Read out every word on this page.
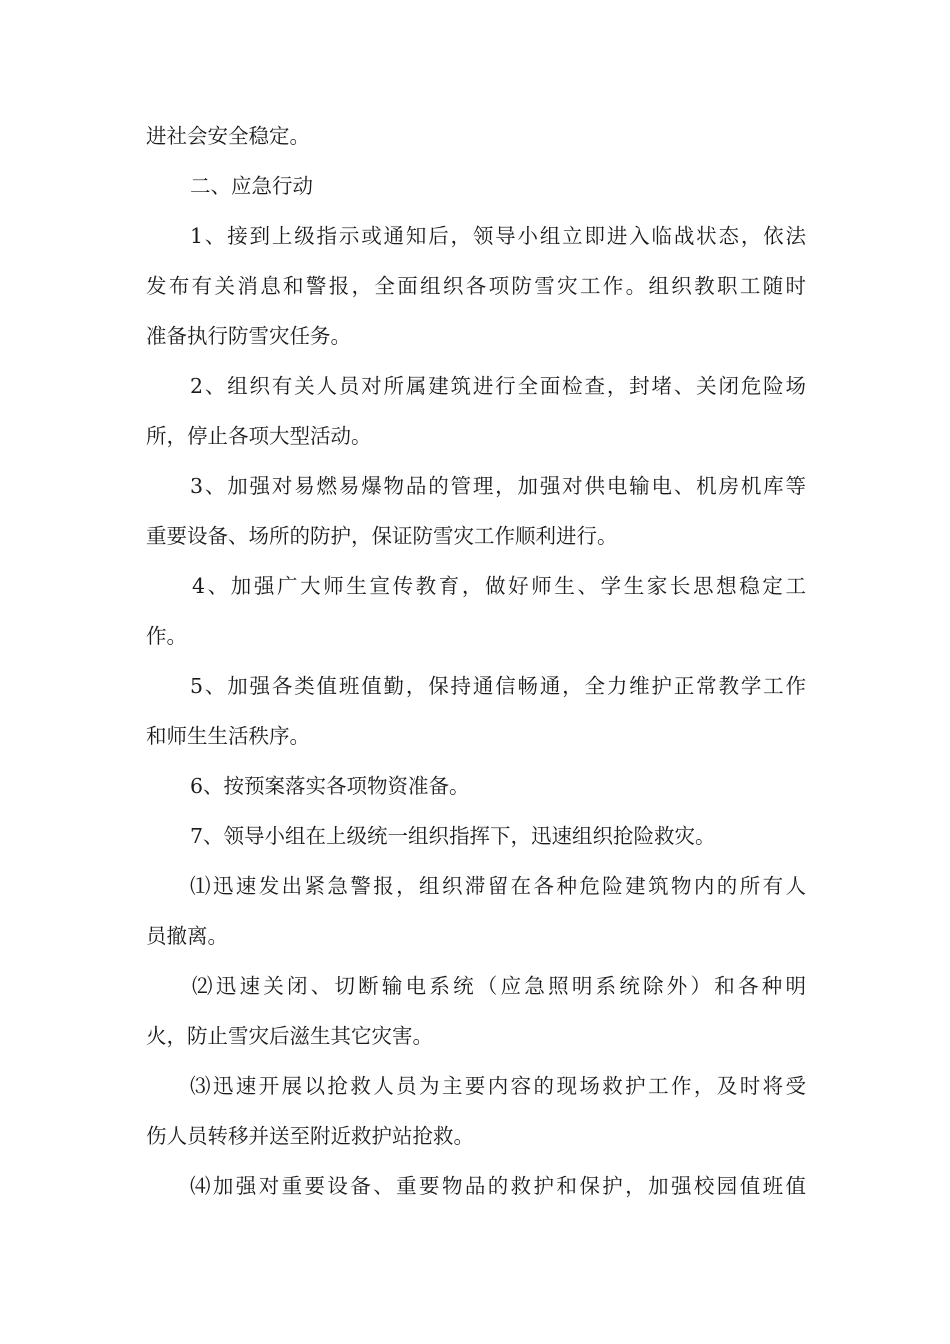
进社会安全稳定。

二、应急行动

1、接到上级指示或通知后，领导小组立即进入临战状态，依法

发布有关消息和警报，全面组织各项防雪灾工作。组织教职工随时

准备执行防雪灾任务。

2、组织有关人员对所属建筑进行全面检查，封堵、关闭危险场

所，停止各项大型活动。

3、加强对易燃易爆物品的管理，加强对供电输电、机房机库等

重要设备、场所的防护，保证防雪灾工作顺利进行。

4、加强广大师生宣传教育，做好师生、学生家长思想稳定工

作。

5、加强各类值班值勤，保持通信畅通，全力维护正常教学工作

和师生生活秩序。

6、按预案落实各项物资准备。

7、领导小组在上级统一组织指挥下，迅速组织抢险救灾。

⑴迅速发出紧急警报，组织滞留在各种危险建筑物内的所有人

员撤离。

⑵迅速关闭、切断输电系统（应急照明系统除外）和各种明

火，防止雪灾后滋生其它灾害。

⑶迅速开展以抢救人员为主要内容的现场救护工作，及时将受

伤人员转移并送至附近救护站抢救。

⑷加强对重要设备、重要物品的救护和保护，加强校园值班值
